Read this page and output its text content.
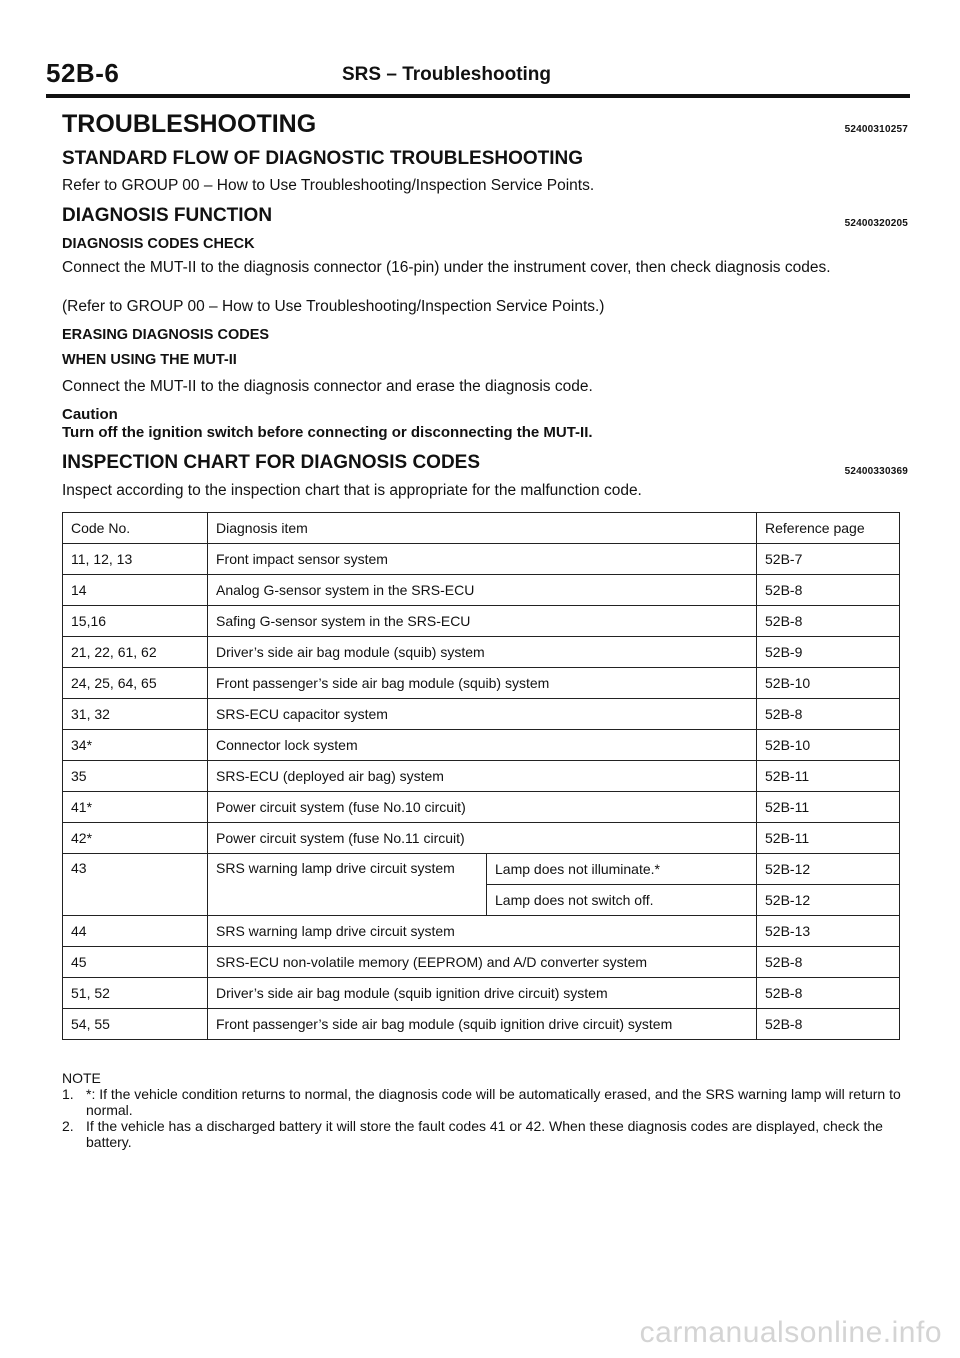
52B-6	SRS – Troubleshooting
TROUBLESHOOTING	52400310257
STANDARD FLOW OF DIAGNOSTIC TROUBLESHOOTING
Refer to GROUP 00 – How to Use Troubleshooting/Inspection Service Points.
DIAGNOSIS FUNCTION	52400320205
DIAGNOSIS CODES CHECK
Connect the MUT-II to the diagnosis connector (16-pin) under the instrument cover, then check diagnosis codes.
(Refer to GROUP 00 – How to Use Troubleshooting/Inspection Service Points.)
ERASING DIAGNOSIS CODES
WHEN USING THE MUT-II
Connect the MUT-II to the diagnosis connector and erase the diagnosis code.
Caution
Turn off the ignition switch before connecting or disconnecting the MUT-II.
INSPECTION CHART FOR DIAGNOSIS CODES	52400330369
Inspect according to the inspection chart that is appropriate for the malfunction code.
Code No.	Diagnosis item		Reference page
11, 12, 13	Front impact sensor system		52B-7
14	Analog G-sensor system in the SRS-ECU		52B-8
15,16	Safing G-sensor system in the SRS-ECU		52B-8
21, 22, 61, 62	Driver’s side air bag module (squib) system		52B-9
24, 25, 64, 65	Front passenger’s side air bag module (squib) system		52B-10
31, 32	SRS-ECU capacitor system		52B-8
34*	Connector lock system		52B-10
35	SRS-ECU (deployed air bag) system		52B-11
41*	Power circuit system (fuse No.10 circuit)		52B-11
42*	Power circuit system (fuse No.11 circuit)		52B-11
43	SRS warning lamp drive circuit system	Lamp does not illuminate.*	52B-12
		Lamp does not switch off.	52B-12
44	SRS warning lamp drive circuit system		52B-13
45	SRS-ECU non-volatile memory (EEPROM) and A/D converter system		52B-8
51, 52	Driver’s side air bag module (squib ignition drive circuit) system		52B-8
54, 55	Front passenger’s side air bag module (squib ignition drive circuit) system		52B-8
NOTE
1. *: If the vehicle condition returns to normal, the diagnosis code will be automatically erased, and the SRS warning lamp will return to normal.
2. If the vehicle has a discharged battery it will store the fault codes 41 or 42. When these diagnosis codes are displayed, check the battery.
carmanualsonline.info
